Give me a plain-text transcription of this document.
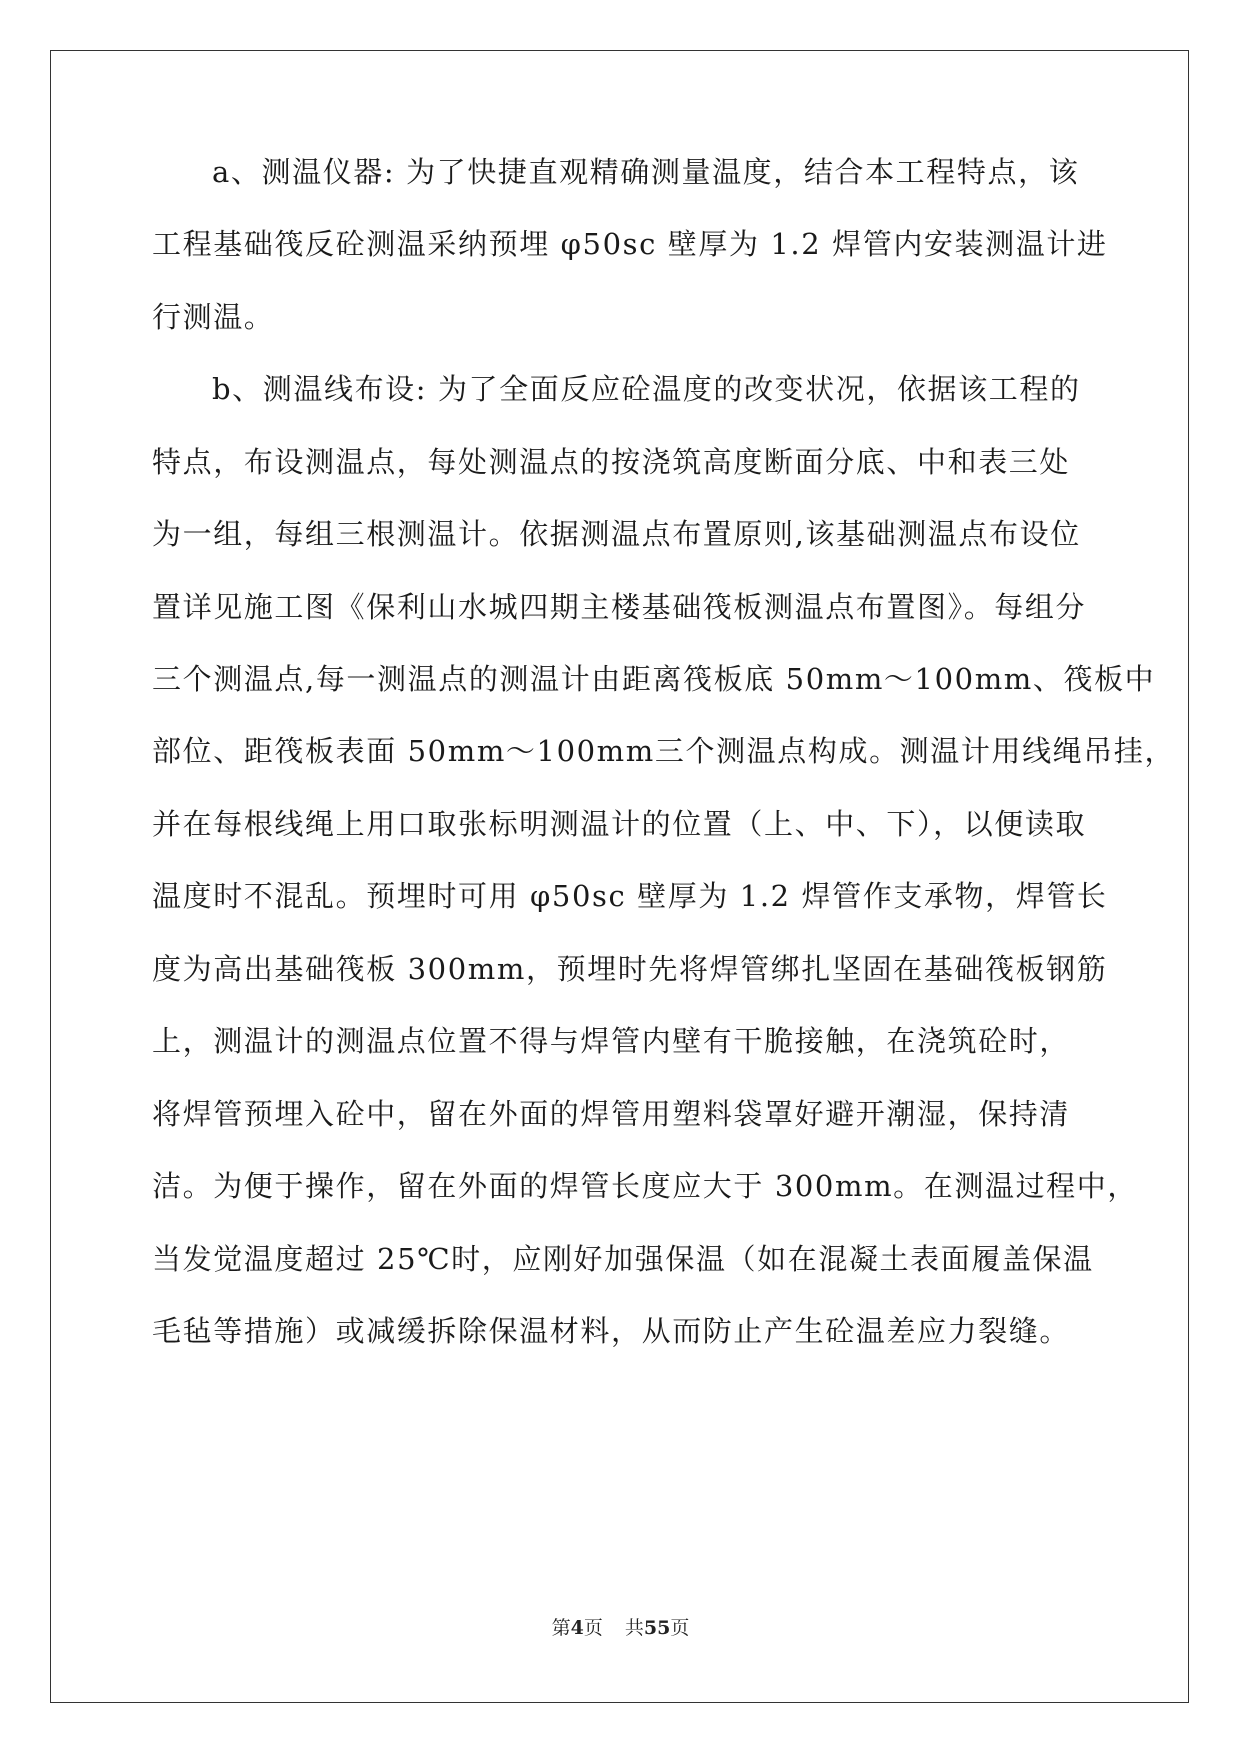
a、测温仪器: 为了快捷直观精确测量温度，结合本工程特点，该
工程基础筏反砼测温采纳预埋 φ50sc 壁厚为 1.2 焊管内安装测温计进
行测温。
b、测温线布设: 为了全面反应砼温度的改变状况，依据该工程的
特点，布设测温点，每处测温点的按浇筑高度断面分底、中和表三处
为一组，每组三根测温计。依据测温点布置原则,该基础测温点布设位
置详见施工图《保利山水城四期主楼基础筏板测温点布置图》。每组分
三个测温点,每一测温点的测温计由距离筏板底 50mm～100mm、筏板中
部位、距筏板表面 50mm～100mm三个测温点构成。测温计用线绳吊挂，
并在每根线绳上用口取张标明测温计的位置（上、中、下），以便读取
温度时不混乱。预埋时可用 φ50sc 壁厚为 1.2 焊管作支承物，焊管长
度为高出基础筏板 300mm，预埋时先将焊管绑扎坚固在基础筏板钢筋
上，测温计的测温点位置不得与焊管内壁有干脆接触，在浇筑砼时，
将焊管预埋入砼中，留在外面的焊管用塑料袋罩好避开潮湿，保持清
洁。为便于操作，留在外面的焊管长度应大于 300mm。在测温过程中，
当发觉温度超过 25℃时，应刚好加强保温（如在混凝土表面履盖保温
毛毡等措施）或减缓拆除保温材料，从而防止产生砼温差应力裂缝。
第4页 共55页
